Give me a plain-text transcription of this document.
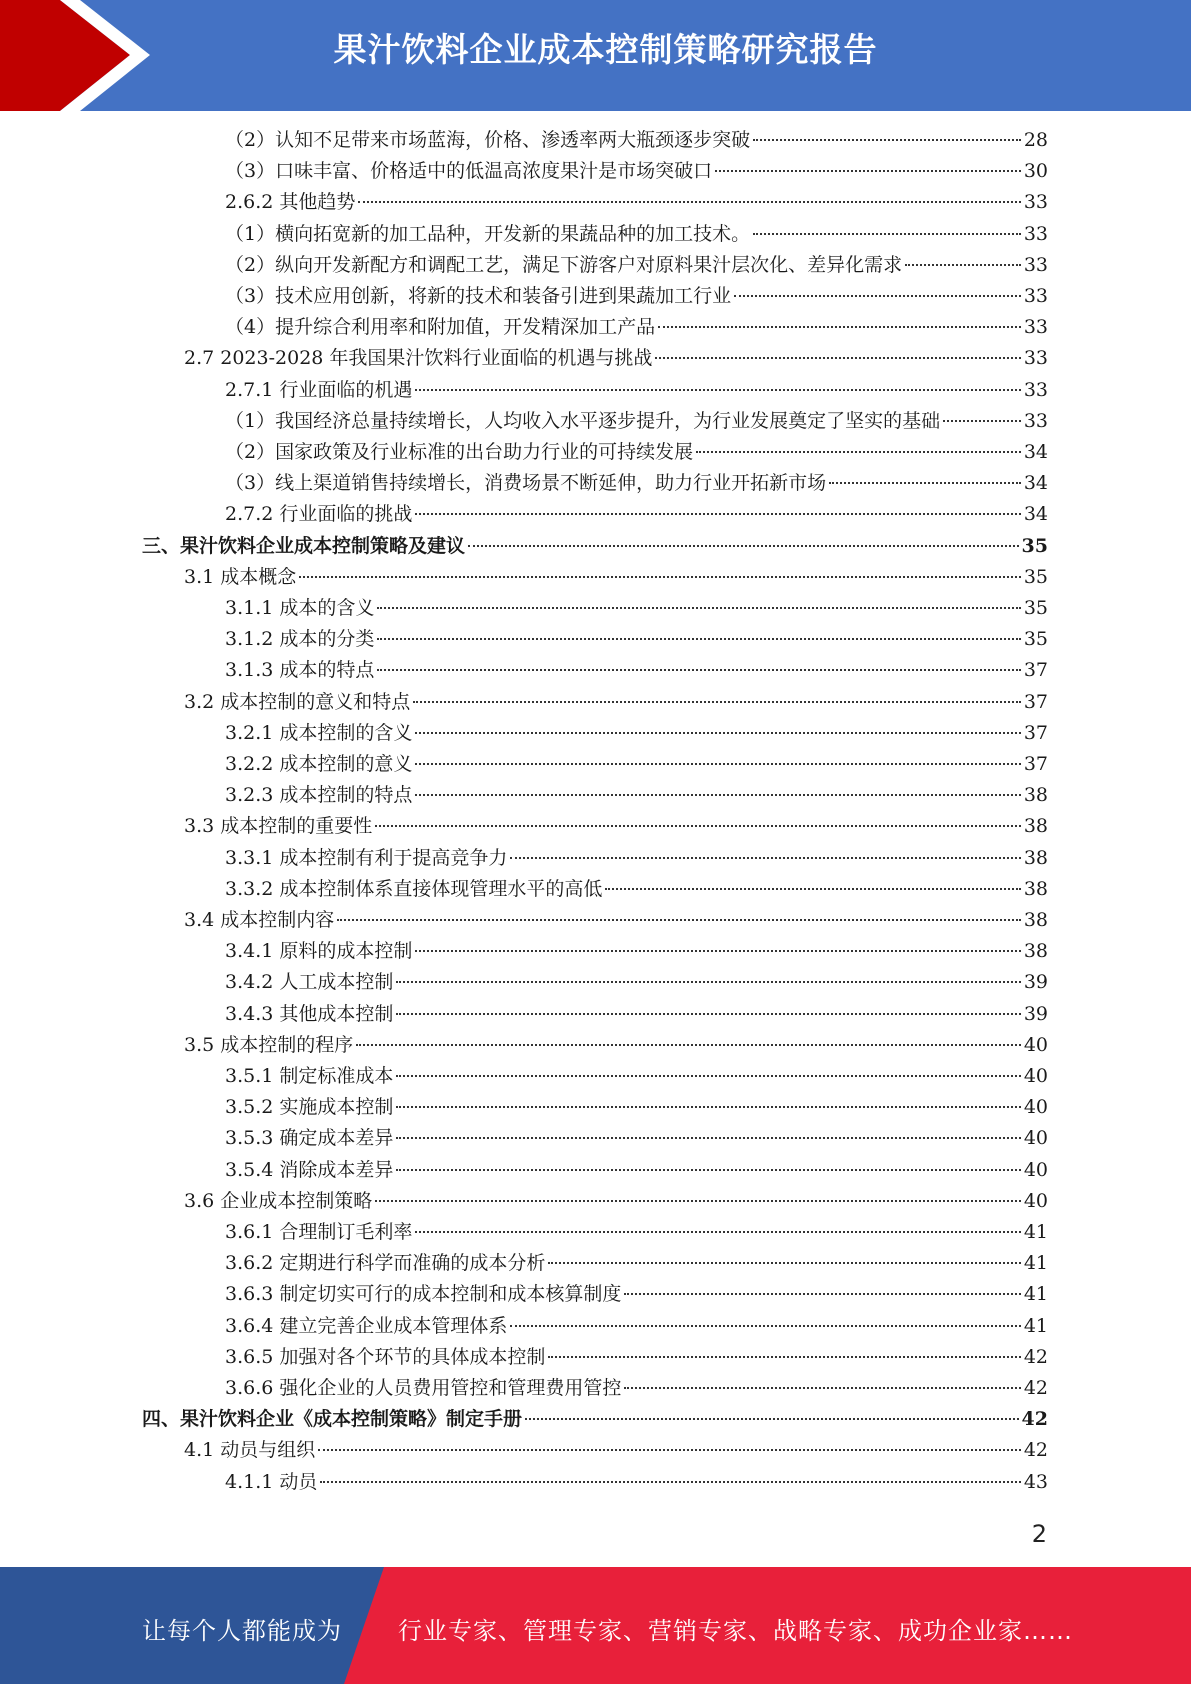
果汁饮料企业成本控制策略研究报告
（2）认知不足带来市场蓝海，价格、渗透率两大瓶颈逐步突破	28
（3）口味丰富、价格适中的低温高浓度果汁是市场突破口	30
2.6.2 其他趋势	33
（1）横向拓宽新的加工品种，开发新的果蔬品种的加工技术。	33
（2）纵向开发新配方和调配工艺，满足下游客户对原料果汁层次化、差异化需求	33
（3）技术应用创新，将新的技术和装备引进到果蔬加工行业	33
（4）提升综合利用率和附加值，开发精深加工产品	33
2.7 2023-2028 年我国果汁饮料行业面临的机遇与挑战	33
2.7.1 行业面临的机遇	33
（1）我国经济总量持续增长，人均收入水平逐步提升，为行业发展奠定了坚实的基础	33
（2）国家政策及行业标准的出台助力行业的可持续发展	34
（3）线上渠道销售持续增长，消费场景不断延伸，助力行业开拓新市场	34
2.7.2 行业面临的挑战	34
三、果汁饮料企业成本控制策略及建议	35
3.1 成本概念	35
3.1.1 成本的含义	35
3.1.2 成本的分类	35
3.1.3 成本的特点	37
3.2 成本控制的意义和特点	37
3.2.1 成本控制的含义	37
3.2.2 成本控制的意义	37
3.2.3 成本控制的特点	38
3.3 成本控制的重要性	38
3.3.1 成本控制有利于提高竞争力	38
3.3.2 成本控制体系直接体现管理水平的高低	38
3.4 成本控制内容	38
3.4.1 原料的成本控制	38
3.4.2 人工成本控制	39
3.4.3 其他成本控制	39
3.5 成本控制的程序	40
3.5.1 制定标准成本	40
3.5.2 实施成本控制	40
3.5.3 确定成本差异	40
3.5.4 消除成本差异	40
3.6 企业成本控制策略	40
3.6.1 合理制订毛利率	41
3.6.2 定期进行科学而准确的成本分析	41
3.6.3 制定切实可行的成本控制和成本核算制度	41
3.6.4 建立完善企业成本管理体系	41
3.6.5 加强对各个环节的具体成本控制	42
3.6.6 强化企业的人员费用管控和管理费用管控	42
四、果汁饮料企业《成本控制策略》制定手册	42
4.1 动员与组织	42
4.1.1 动员	43
2
让每个人都能成为 行业专家、管理专家、营销专家、战略专家、成功企业家……
